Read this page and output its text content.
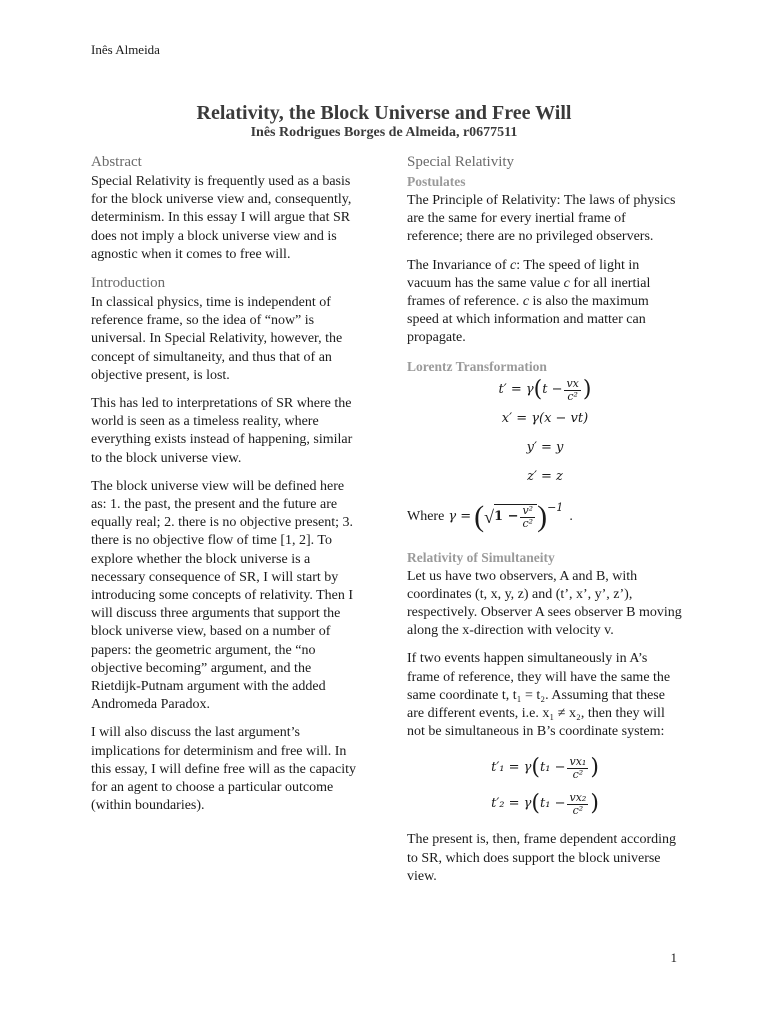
Inês Almeida
Relativity, the Block Universe and Free Will
Inês Rodrigues Borges de Almeida, r0677511
Abstract

Special Relativity is frequently used as a basis for the block universe view and, consequently, determinism. In this essay I will argue that SR does not imply a block universe view and is agnostic when it comes to free will.

Introduction

In classical physics, time is independent of reference frame, so the idea of “now” is universal. In Special Relativity, however, the concept of simultaneity, and thus that of an objective present, is lost.

This has led to interpretations of SR where the world is seen as a timeless reality, where everything exists instead of happening, similar to the block universe view.

The block universe view will be defined here as: 1. the past, the present and the future are equally real; 2. there is no objective present; 3. there is no objective flow of time [1, 2]. To explore whether the block universe is a necessary consequence of SR, I will start by introducing some concepts of relativity. Then I will discuss three arguments that support the block universe view, based on a number of papers: the geometric argument, the “no objective becoming” argument, and the Rietdijk-Putnam argument with the added Andromeda Paradox.

I will also discuss the last argument’s implications for determinism and free will. In this essay, I will define free will as the capacity for an agent to choose a particular outcome (within boundaries).

Special Relativity
Postulates

The Principle of Relativity: The laws of physics are the same for every inertial frame of reference; there are no privileged observers.

The Invariance of c: The speed of light in vacuum has the same value c for all inertial frames of reference. c is also the maximum speed at which information and matter can propagate.

Lorentz Transformation
t′ = γ ( $t - \frac{vx}{\text{c²}}$ )
x′ = γ(x − vt)
y′ = y
z′ = z
Where γ = ( √ $1 - \frac{\text{v²}}{\text{c²}} )^{-1}$
.
Relativity of Simultaneity

Let us have two observers, A and B, with coordinates (t, x, y, z) and (t’, x’, y’, z’), respectively. Observer A sees observer B moving along the x-direction with velocity v.

If two events happen simultaneously in A’s frame of reference, they will have the same the same coordinate t, t₁ = t₂. Assuming that these are different events, i.e. x₁ ≠ x₂, then they will not be simultaneous in B’s coordinate system:

t′₁ = γ ( $t_1 - \frac{\text{vx₁}}{\text{c²}}$ )
t′₂ = γ ( $t_1 - \frac{\text{vx₂}}{\text{c²}}$ )

The present is, then, frame dependent according to SR, which does support the block universe view.

1
